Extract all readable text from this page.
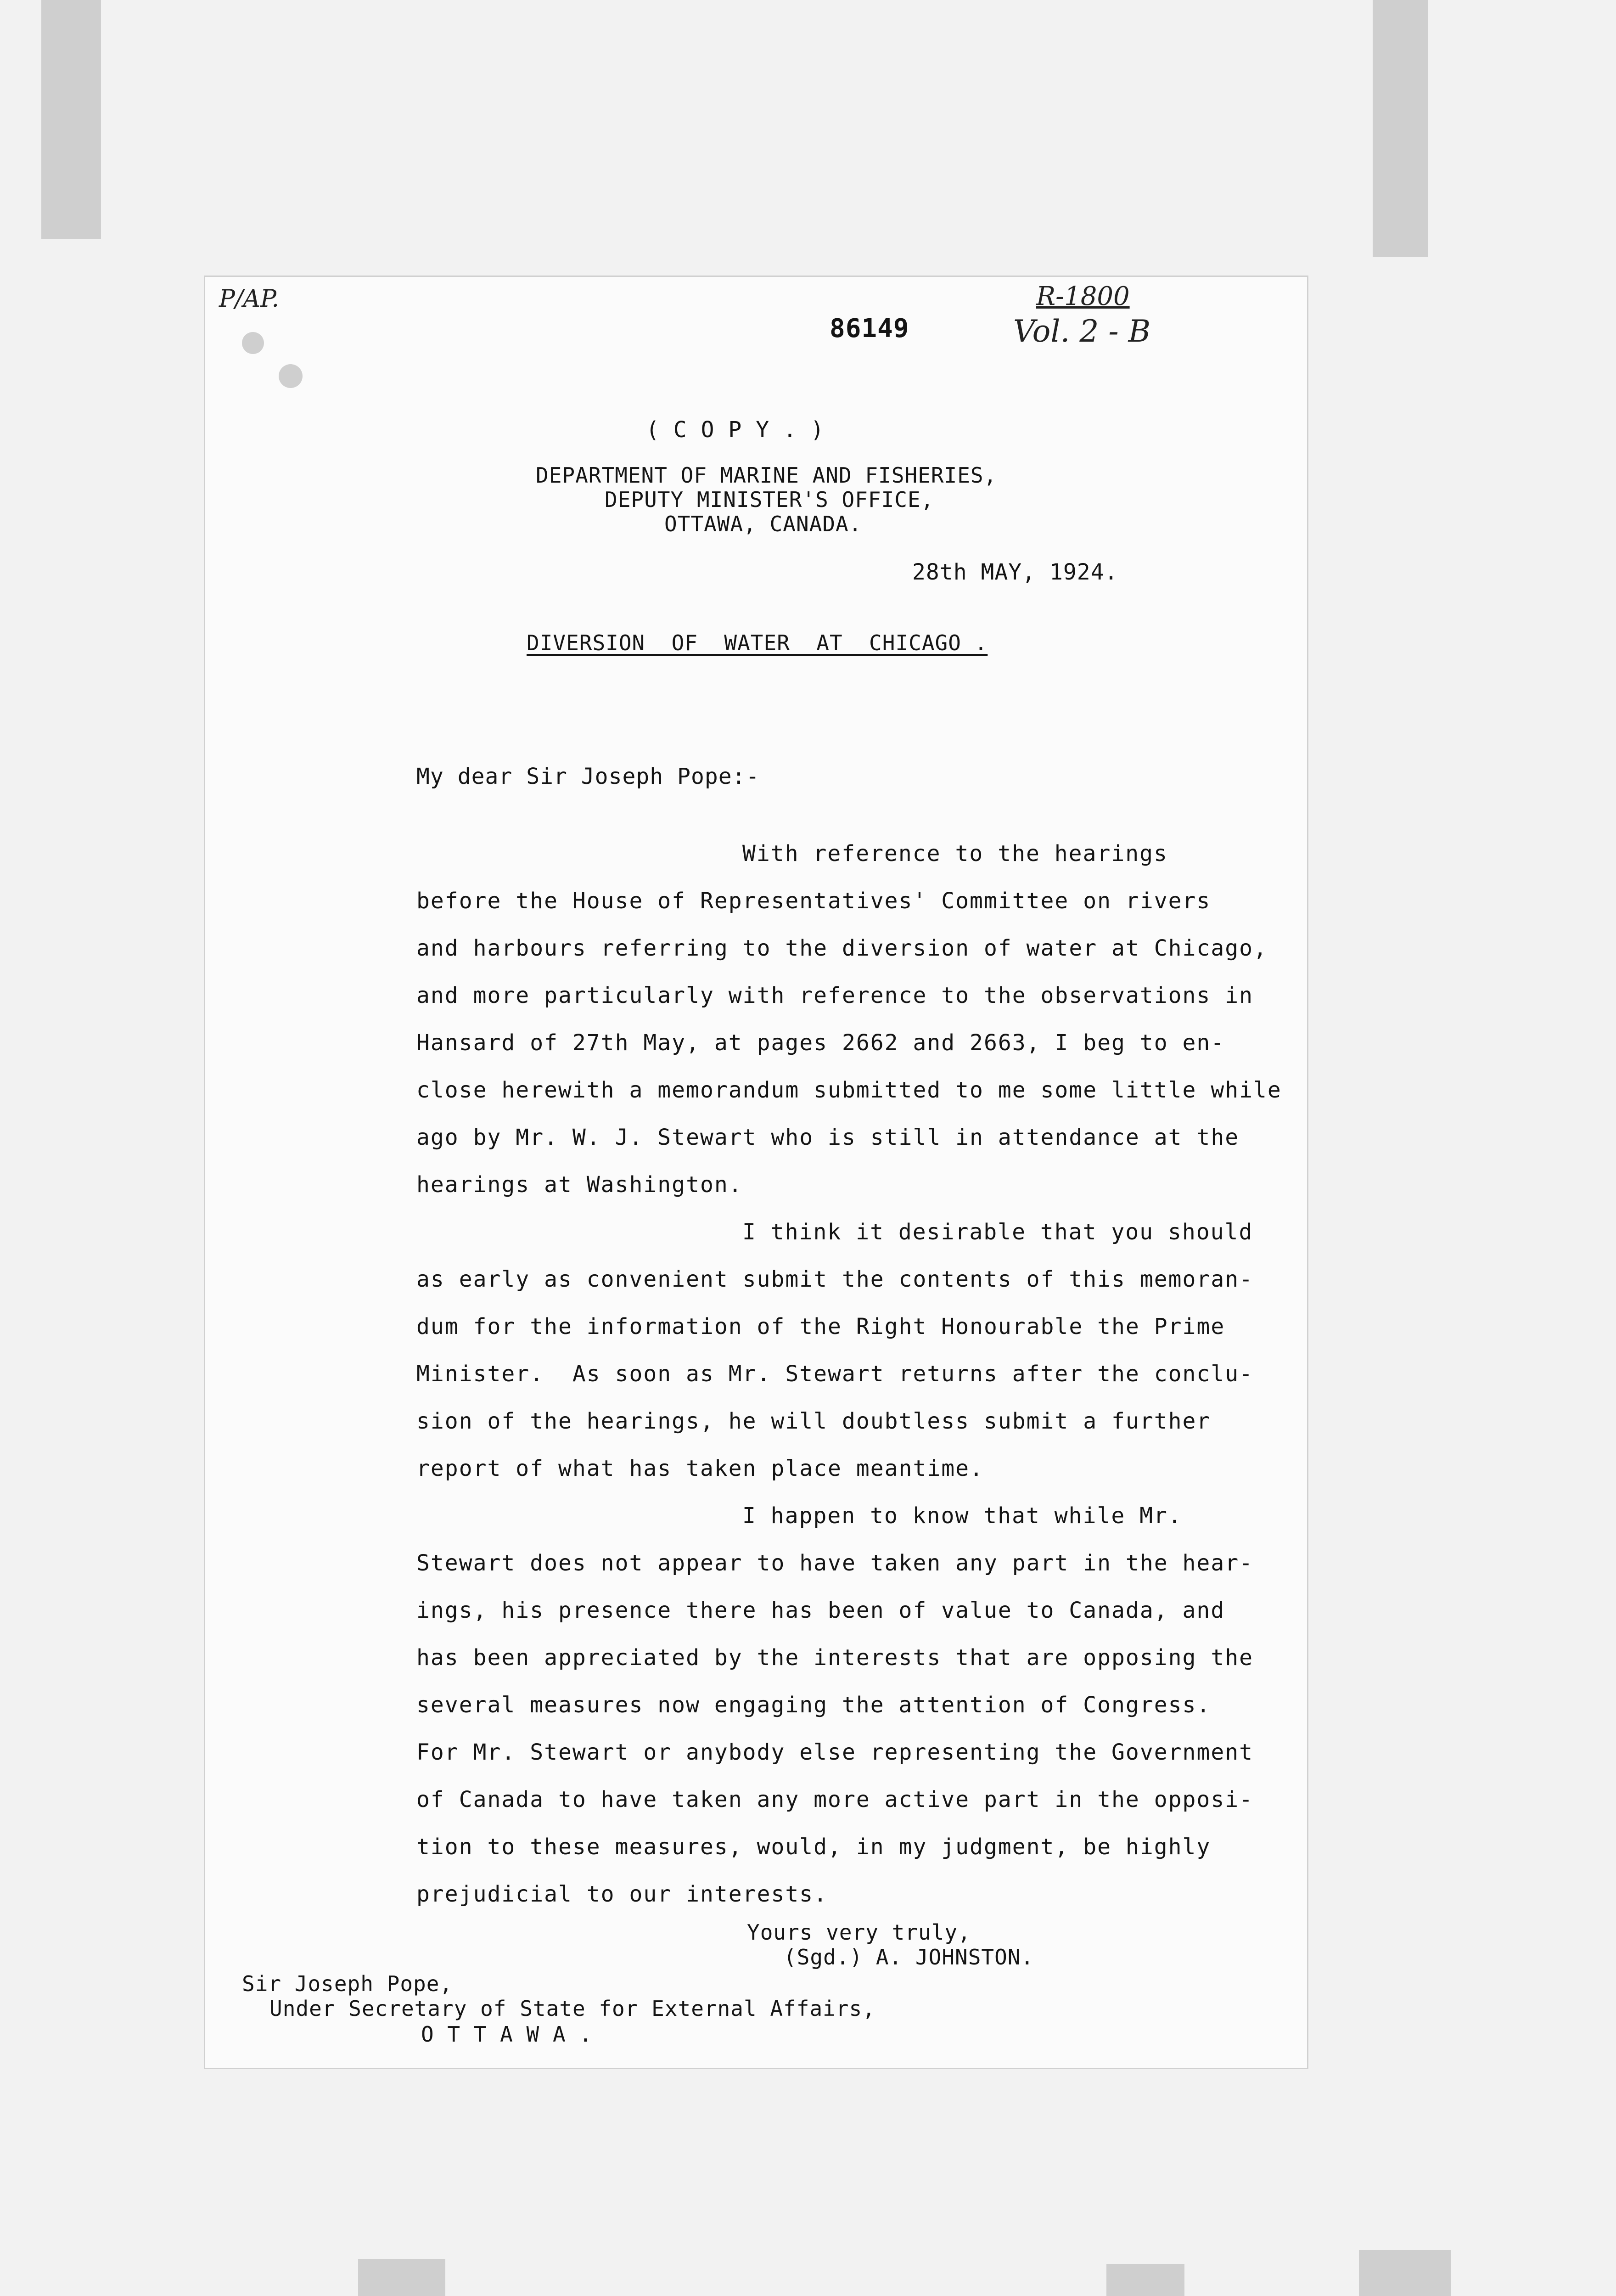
P/AP.
86149
R-1800
Vol. 2 - B
( C O P Y . )
DEPARTMENT OF MARINE AND FISHERIES,
DEPUTY MINISTER'S OFFICE,
OTTAWA, CANADA.
28th MAY, 1924.
DIVERSION  OF  WATER  AT  CHICAGO .
My dear Sir Joseph Pope:-
With reference to the hearings
before the House of Representatives' Committee on rivers
and harbours referring to the diversion of water at Chicago,
and more particularly with reference to the observations in
Hansard of 27th May, at pages 2662 and 2663, I beg to en-
close herewith a memorandum submitted to me some little while
ago by Mr. W. J. Stewart who is still in attendance at the
hearings at Washington.
I think it desirable that you should
as early as convenient submit the contents of this memoran-
dum for the information of the Right Honourable the Prime
Minister.  As soon as Mr. Stewart returns after the conclu-
sion of the hearings, he will doubtless submit a further
report of what has taken place meantime.
I happen to know that while Mr.
Stewart does not appear to have taken any part in the hear-
ings, his presence there has been of value to Canada, and
has been appreciated by the interests that are opposing the
several measures now engaging the attention of Congress.
For Mr. Stewart or anybody else representing the Government
of Canada to have taken any more active part in the opposi-
tion to these measures, would, in my judgment, be highly
prejudicial to our interests.
Yours very truly,
(Sgd.) A. JOHNSTON.
Sir Joseph Pope,
Under Secretary of State for External Affairs,
O T T A W A .
